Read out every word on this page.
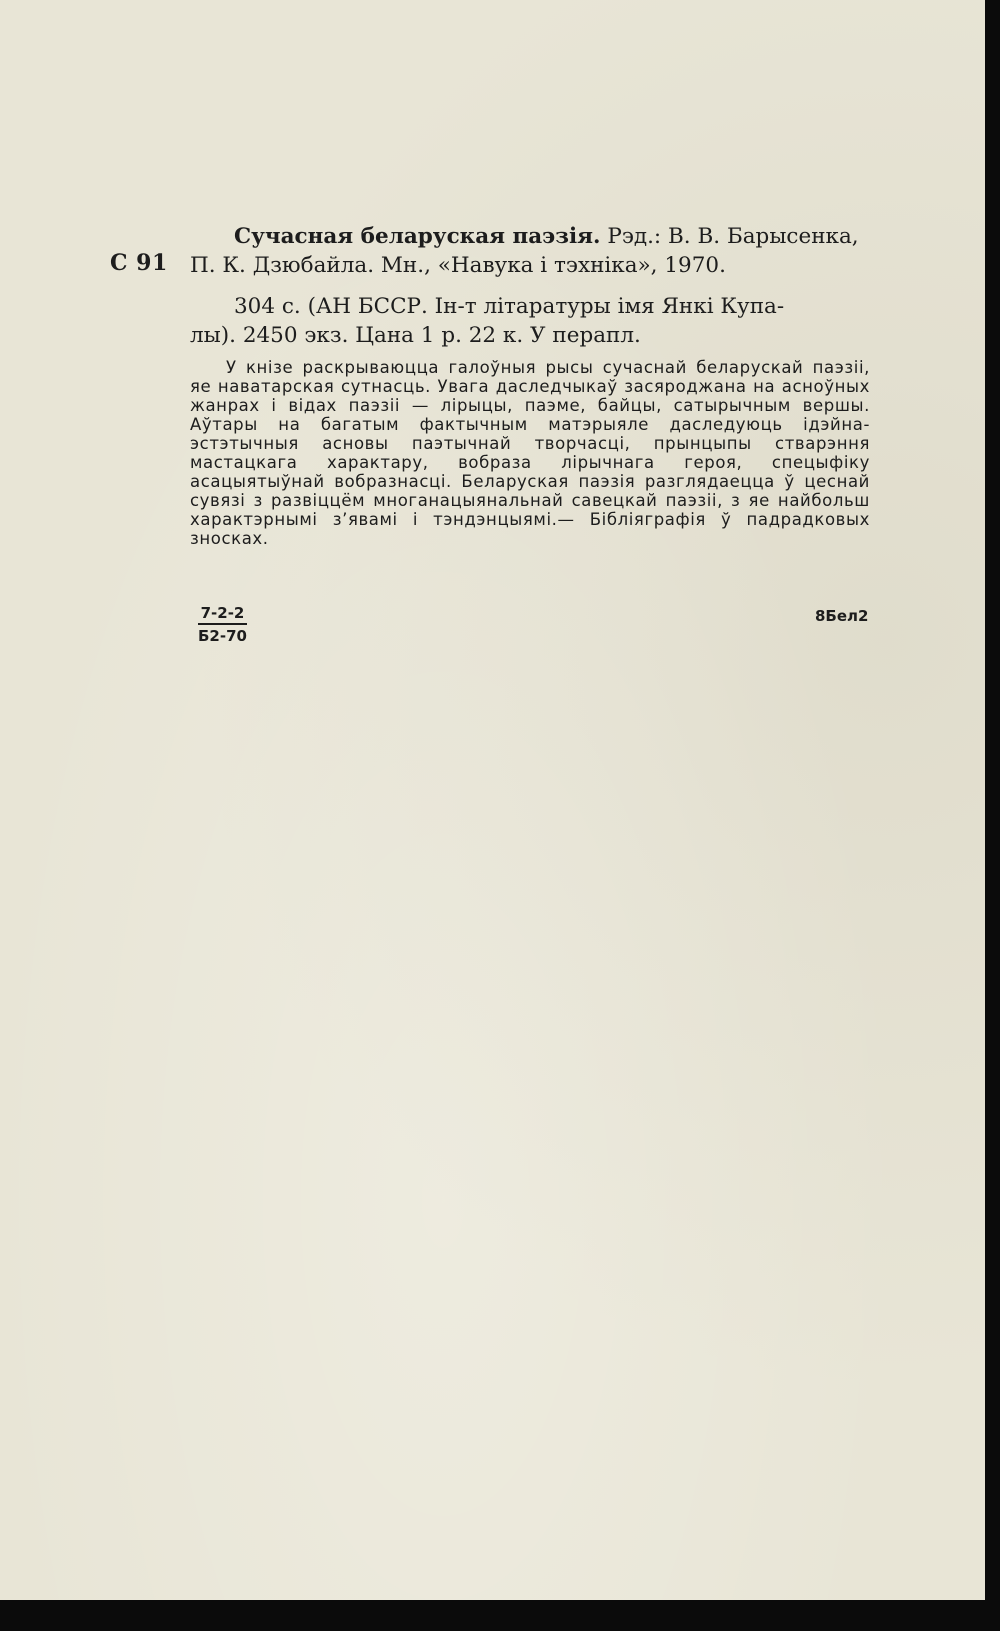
С 91

Сучасная беларуская паэзія. Рэд.: В. В. Барысенка,

П. К. Дзюбайла. Мн., «Навука і тэхніка», 1970.

304 с. (АН БССР. Ін-т літаратуры імя Янкі Купа-

лы). 2450 экз. Цана 1 р. 22 к. У перапл.

У кнізе раскрываюцца галоўныя рысы сучаснай беларускай паэзіі, яе наватарская сутнасць. Увага даследчыкаў засяроджана на асноўных жанрах і відах паэзіі — лірыцы, паэме, байцы, сатырычным вершы. Аўтары на багатым фактычным матэрыяле даследуюць ідэйна-эстэтычныя асновы паэтычнай творчасці, прынцыпы стварэння мастацкага характару, вобраза лірычнага героя, спецыфіку асацыятыўнай вобразнасці. Беларуская паэзія разглядаецца ў цеснай сувязі з развіццём многанацыянальнай савецкай паэзіі, з яе найбольш характэрнымі з’явамі і тэндэнцыямі.— Бібліяграфія ў падрадковых зносках.

7-2-2
Б2-70
8Бел2
